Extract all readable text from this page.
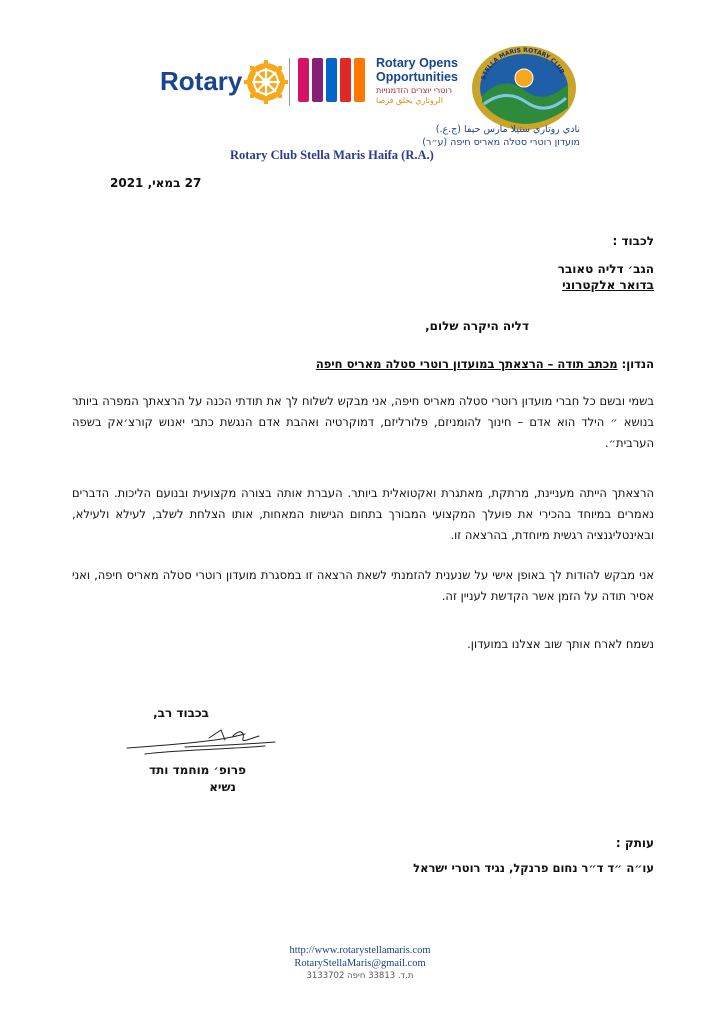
Rotary
Rotary Opens
Opportunities
רוטרי יוצרים הזדמנויות
الروتاري يخلق فرصا
STELLA MARIS ROTARY CLUB
نادي روتاري ستيلا مارس حيفا (ج.ع.)
מועדון רוטרי סטלה מאריס חיפה (ע״ר)
Rotary Club Stella Maris Haifa (R.A.)
27 במאי, 2021
לכבוד :
הגב׳ דליה טאובר
בדואר אלקטרוני
דליה היקרה שלום,
הנדון: מכתב תודה – הרצאתך במועדון רוטרי סטלה מאריס חיפה
בשמי ובשם כל חברי מועדון רוטרי סטלה מאריס חיפה, אני מבקש לשלוח לך את תודתי הכנה על הרצאתך המפרה ביותר בנושא ״ הילד הוא אדם – חינוך להומניזם, פלורליזם, דמוקרטיה ואהבת אדם הנגשת כתבי יאנוש קורצ׳אק בשפה הערבית״.
הרצאתך הייתה מעניינת, מרתקת, מאתגרת ואקטואלית ביותר. העברת אותה בצורה מקצועית ובנועם הליכות. הדברים נאמרים במיוחד בהכירי את פועלך המקצועי המבורך בתחום הגישות המאחות, אותו הצלחת לשלב, לעילא ולעילא, ובאינטליגנציה רגשית מיוחדת, בהרצאה זו.
אני מבקש להודות לך באופן אישי על שנענית להזמנתי לשאת הרצאה זו במסגרת מועדון רוטרי סטלה מאריס חיפה, ואני אסיר תודה על הזמן אשר הקדשת לעניין זה.
נשמח לארח אותך שוב אצלנו במועדון.
בכבוד רב,
פרופ׳ מוחמד ותד
נשיא
עותק :
עו״ה ״ד ד״ר נחום פרנקל, נגיד רוטרי ישראל
http://www.rotarystellamaris.com
RotaryStellaMaris@gmail.com
ת.ד. 33813 חיפה 3133702
